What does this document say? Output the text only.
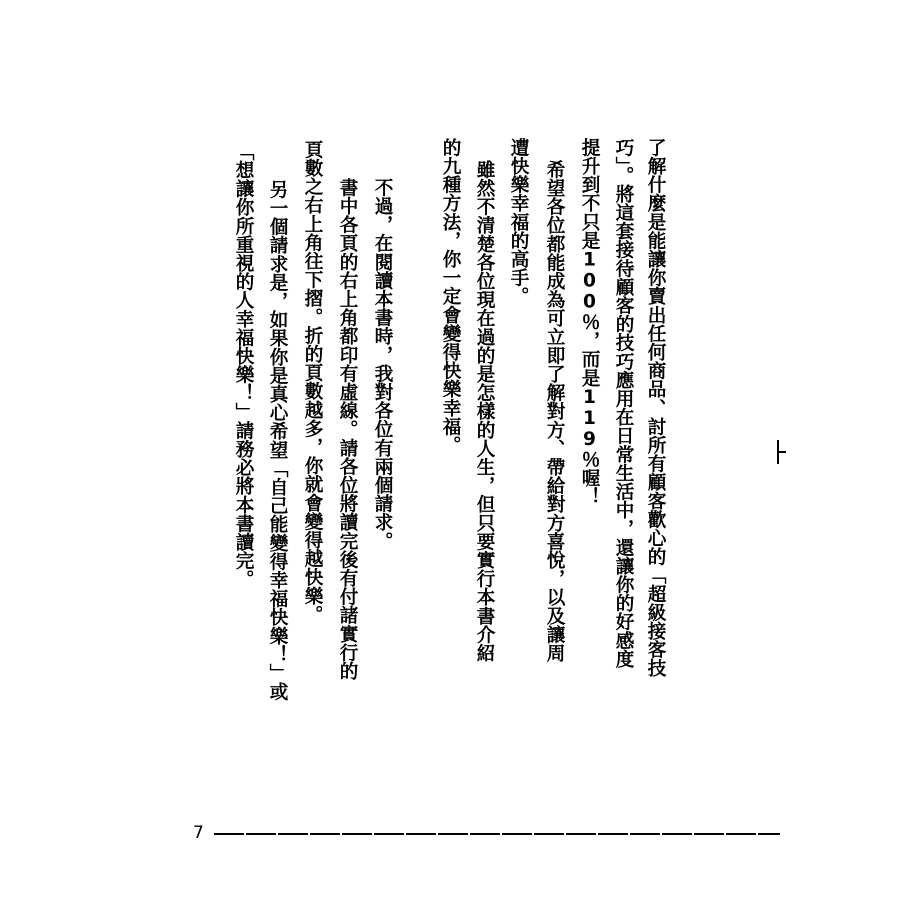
了解什麼是能讓你賣出任何商品、討所有顧客歡心的「超級接客技
巧」。將這套接待顧客的技巧應用在日常生活中，還讓你的好感度
提升到不只是100％，而是119％喔！
希望各位都能成為可立即了解對方、帶給對方喜悅，以及讓周
遭快樂幸福的高手。
雖然不清楚各位現在過的是怎樣的人生，但只要實行本書介紹
的九種方法，你一定會變得快樂幸福。
不過，在閱讀本書時，我對各位有兩個請求。
書中各頁的右上角都印有虛線。請各位將讀完後有付諸實行的
頁數之右上角往下摺。折的頁數越多，你就會變得越快樂。
另一個請求是，如果你是真心希望「自己能變得幸福快樂！」或
「想讓你所重視的人幸福快樂！」請務必將本書讀完。
7
